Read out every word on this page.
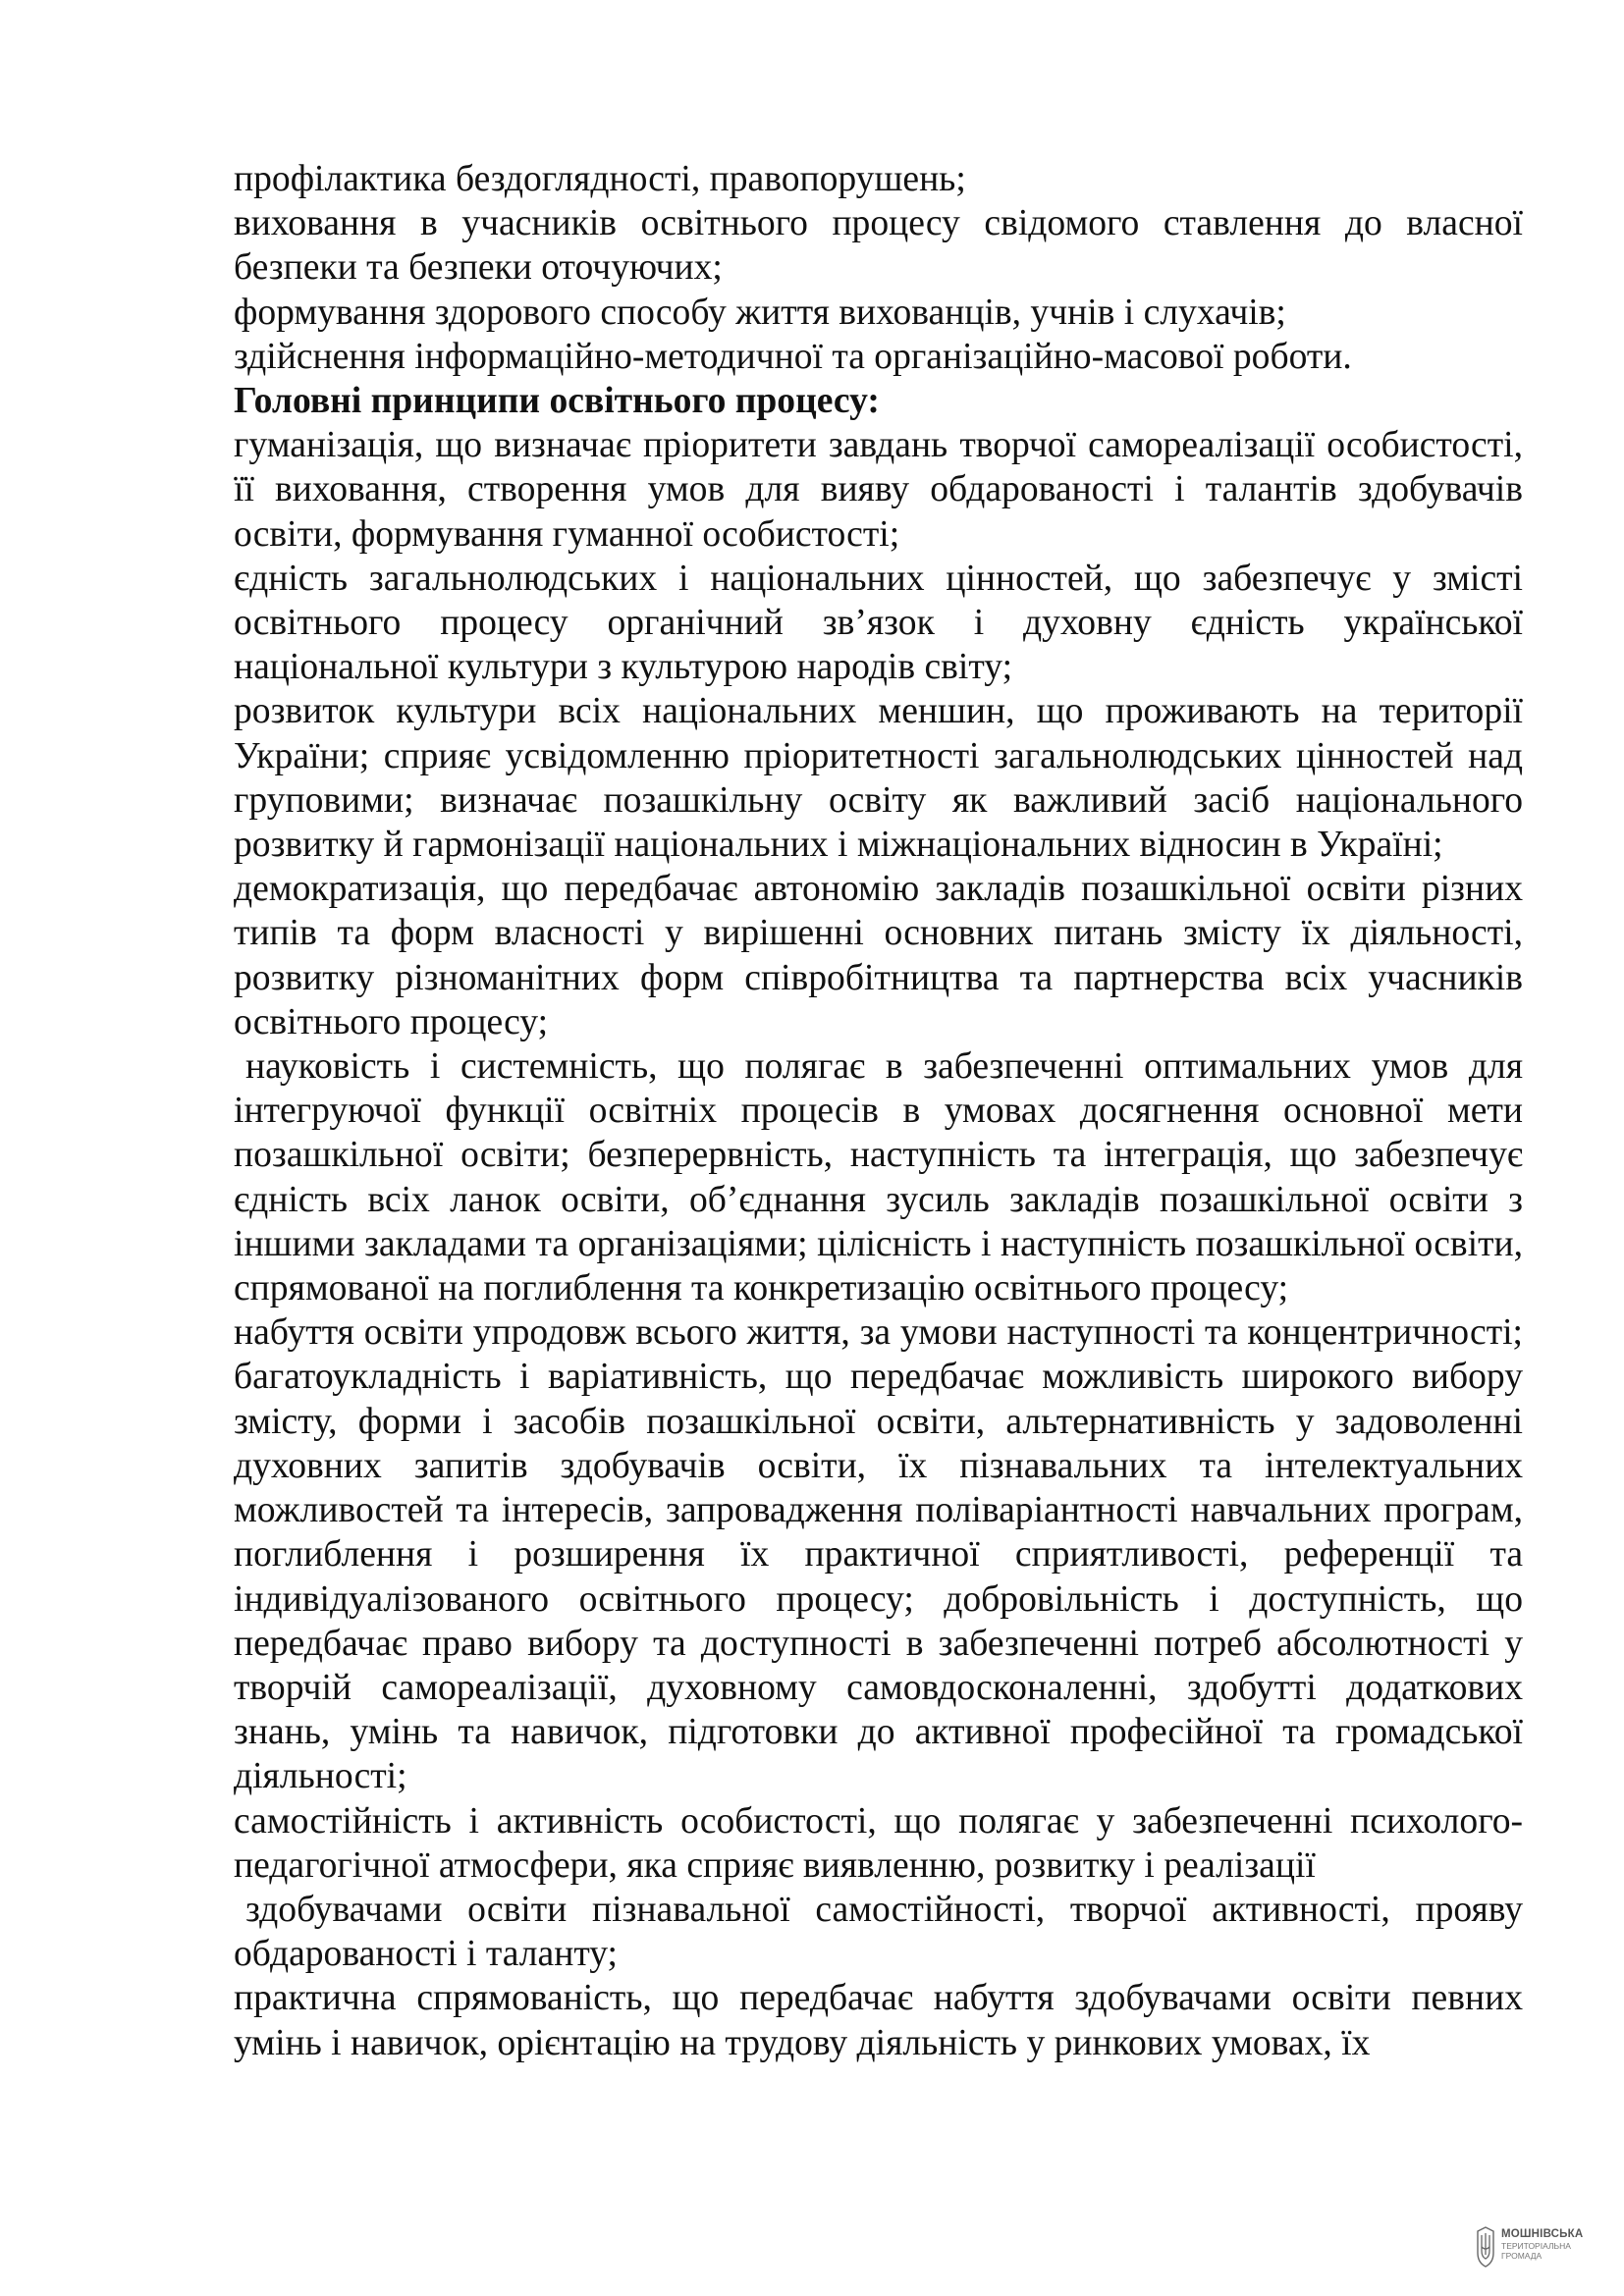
профілактика бездоглядності, правопорушень;

виховання в учасників освітнього процесу свідомого ставлення до власної безпеки та безпеки оточуючих;

формування здорового способу життя вихованців, учнів і слухачів;

здійснення інформаційно-методичної та організаційно-масової роботи.

Головні принципи освітнього процесу:

гуманізація, що визначає пріоритети завдань творчої самореалізації особистості, її виховання, створення умов для вияву обдарованості і талантів здобувачів освіти, формування гуманної особистості;

єдність загальнолюдських і національних цінностей, що забезпечує у змісті освітнього процесу органічний зв’язок і духовну єдність української національної культури з культурою народів світу;

розвиток культури всіх національних меншин, що проживають на території України; сприяє усвідомленню пріоритетності загальнолюдських цінностей над груповими; визначає позашкільну освіту як важливий засіб національного розвитку й гармонізації національних і міжнаціональних відносин в Україні;

демократизація, що передбачає автономію закладів позашкільної освіти різних типів та форм власності у вирішенні основних питань змісту їх діяльності, розвитку різноманітних форм співробітництва та партнерства всіх учасників освітнього процесу;

науковість і системність, що полягає в забезпеченні оптимальних умов для інтегруючої функції освітніх процесів в умовах досягнення основної мети позашкільної освіти; безперервність, наступність та інтеграція, що забезпечує єдність всіх ланок освіти, об’єднання зусиль закладів позашкільної освіти з іншими закладами та організаціями; цілісність і наступність позашкільної освіти, спрямованої на поглиблення та конкретизацію освітнього процесу;

набуття освіти упродовж всього життя, за умови наступності та концентричності; багатоукладність і варіативність, що передбачає можливість широкого вибору змісту, форми і засобів позашкільної освіти, альтернативність у задоволенні духовних запитів здобувачів освіти, їх пізнавальних та інтелектуальних можливостей та інтересів, запровадження поліваріантності навчальних програм, поглиблення і розширення їх практичної сприятливості, референції та індивідуалізованого освітнього процесу; добровільність і доступність, що передбачає право вибору та доступності в забезпеченні потреб абсолютності у творчій самореалізації, духовному самовдосконаленні, здобутті додаткових знань, умінь та навичок, підготовки до активної професійної та громадської діяльності;

самостійність і активність особистості, що полягає у забезпеченні психолого-педагогічної атмосфери, яка сприяє виявленню, розвитку і реалізації

здобувачами освіти пізнавальної самостійності, творчої активності, прояву обдарованості і таланту;

практична спрямованість, що передбачає набуття здобувачами освіти певних умінь і навичок, орієнтацію на трудову діяльність у ринкових умовах, їх

МОШНІВСЬКА
ТЕРИТОРІАЛЬНА
ГРОМАДА
